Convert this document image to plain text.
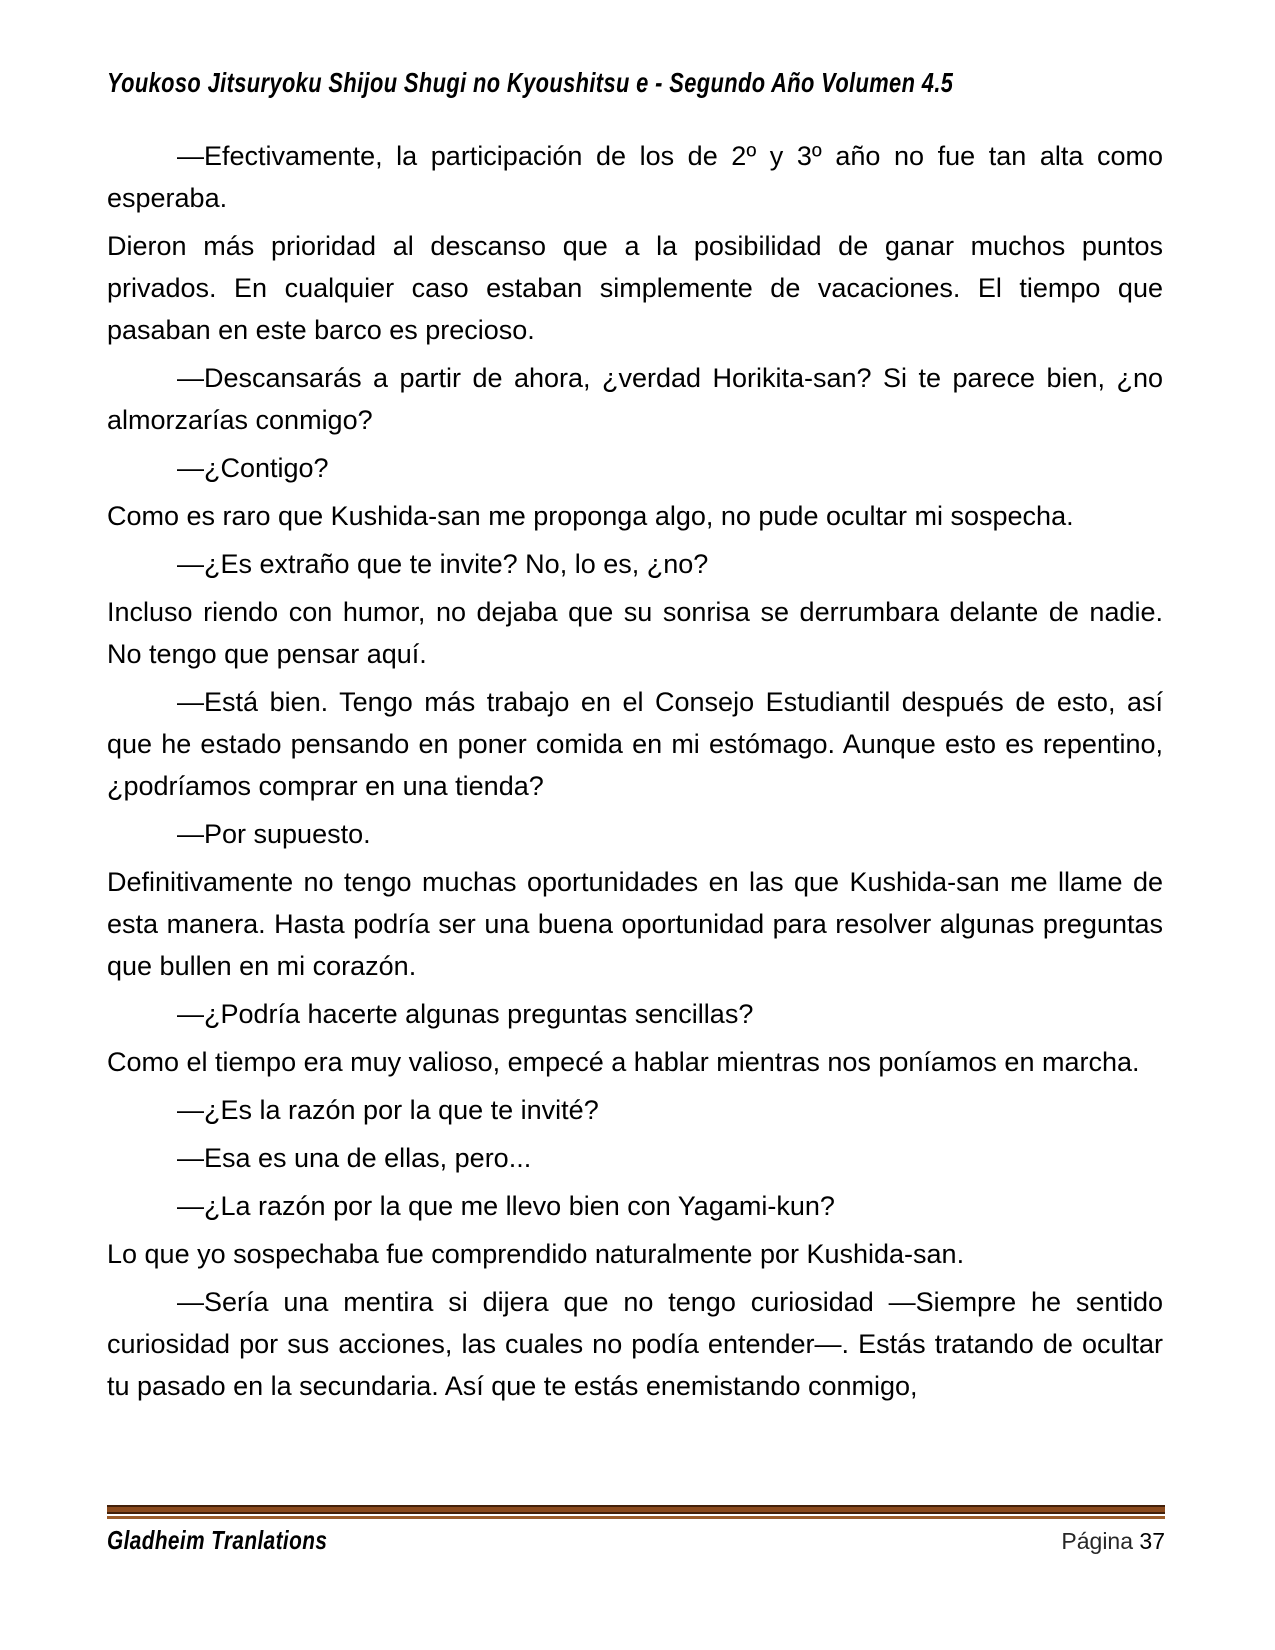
Youkoso Jitsuryoku Shijou Shugi no Kyoushitsu e - Segundo Año Volumen 4.5

—Efectivamente, la participación de los de 2º y 3º año no fue tan alta como esperaba.

Dieron más prioridad al descanso que a la posibilidad de ganar muchos puntos privados. En cualquier caso estaban simplemente de vacaciones. El tiempo que pasaban en este barco es precioso.

—Descansarás a partir de ahora, ¿verdad Horikita-san? Si te parece bien, ¿no almorzarías conmigo?

—¿Contigo?

Como es raro que Kushida-san me proponga algo, no pude ocultar mi sospecha.

—¿Es extraño que te invite? No, lo es, ¿no?

Incluso riendo con humor, no dejaba que su sonrisa se derrumbara delante de nadie. No tengo que pensar aquí.

—Está bien. Tengo más trabajo en el Consejo Estudiantil después de esto, así que he estado pensando en poner comida en mi estómago. Aunque esto es repentino, ¿podríamos comprar en una tienda?

—Por supuesto.

Definitivamente no tengo muchas oportunidades en las que Kushida-san me llame de esta manera. Hasta podría ser una buena oportunidad para resolver algunas preguntas que bullen en mi corazón.

—¿Podría hacerte algunas preguntas sencillas?

Como el tiempo era muy valioso, empecé a hablar mientras nos poníamos en marcha.

—¿Es la razón por la que te invité?

—Esa es una de ellas, pero...

—¿La razón por la que me llevo bien con Yagami-kun?

Lo que yo sospechaba fue comprendido naturalmente por Kushida-san.

—Sería una mentira si dijera que no tengo curiosidad —Siempre he sentido curiosidad por sus acciones, las cuales no podía entender—. Estás tratando de ocultar tu pasado en la secundaria. Así que te estás enemistando conmigo,

Gladheim Tranlations	Página 37
